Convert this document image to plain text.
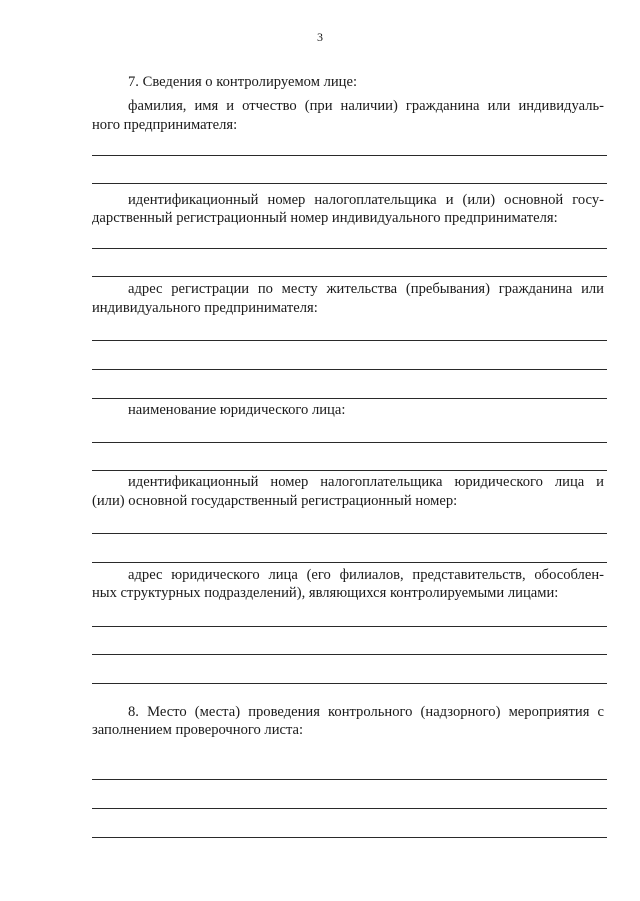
3
7. Сведения о контролируемом лице:
фамилия, имя и отчество (при наличии) гражданина или индивидуаль-
ного предпринимателя:
идентификационный номер налогоплательщика и (или) основной госу-
дарственный регистрационный номер индивидуального предпринимателя:
адрес регистрации по месту жительства (пребывания) гражданина или
индивидуального предпринимателя:
наименование юридического лица:
идентификационный номер налогоплательщика юридического лица и
(или) основной государственный регистрационный номер:
адрес юридического лица (его филиалов, представительств, обособлен-
ных структурных подразделений), являющихся контролируемыми лицами:
8. Место (места) проведения контрольного (надзорного) мероприятия с
заполнением проверочного листа:
